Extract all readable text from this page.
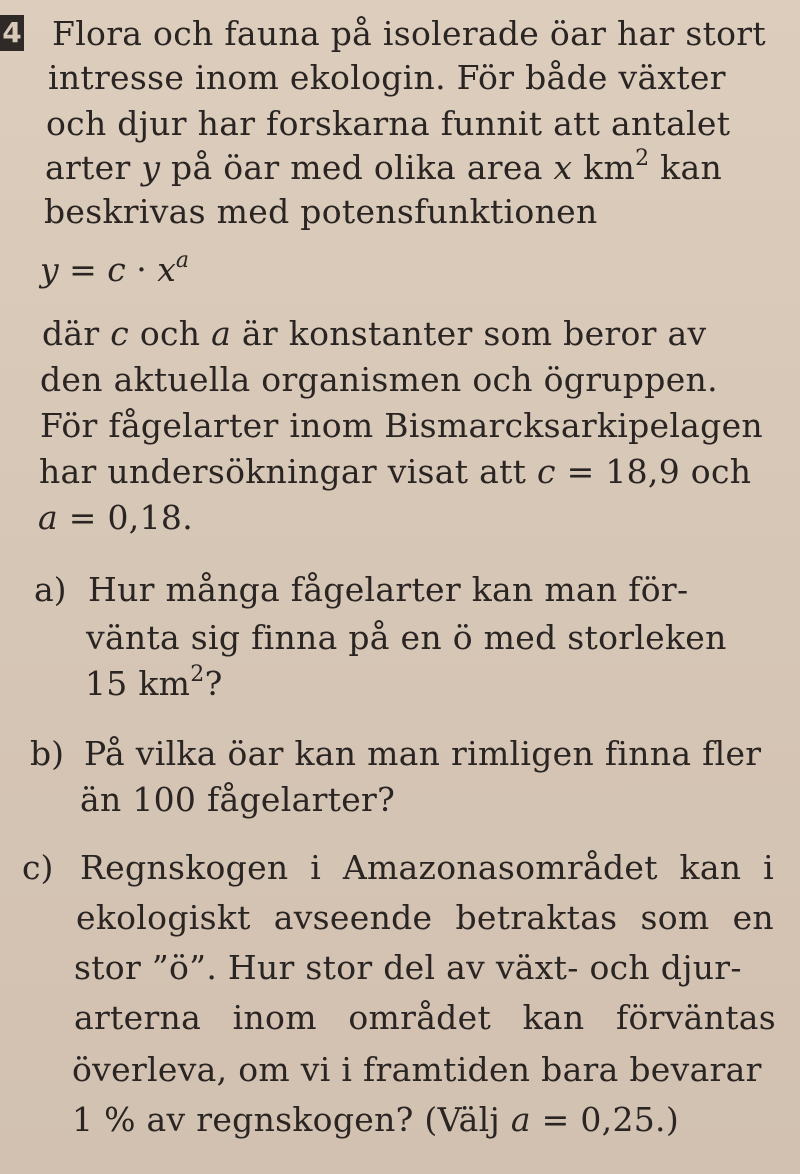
4 Flora och fauna på isolerade öar har stort
intresse inom ekologin. För både växter
och djur har forskarna funnit att antalet
arter y på öar med olika area x $km^2$ kan
beskrivas med potensfunktionen
$y = c \cdot x^a$
där c och a är konstanter som beror av
den aktuella organismen och ögruppen.
För fågelarter inom Bismarcksarkipelagen
har undersökningar visat att c = 18,9 och
a = 0,18.
a) Hur många fågelarter kan man för-
vänta sig finna på en ö med storleken
15 $km^2$?
b) På vilka öar kan man rimligen finna fler
än 100 fågelarter?
c) Regnskogen i Amazonasområdet kan i
ekologiskt avseende betraktas som en
stor ”ö”. Hur stor del av växt- och djur-
arterna inom området kan förväntas
överleva, om vi i framtiden bara bevarar
1 % av regnskogen? (Välj a = 0,25.)
